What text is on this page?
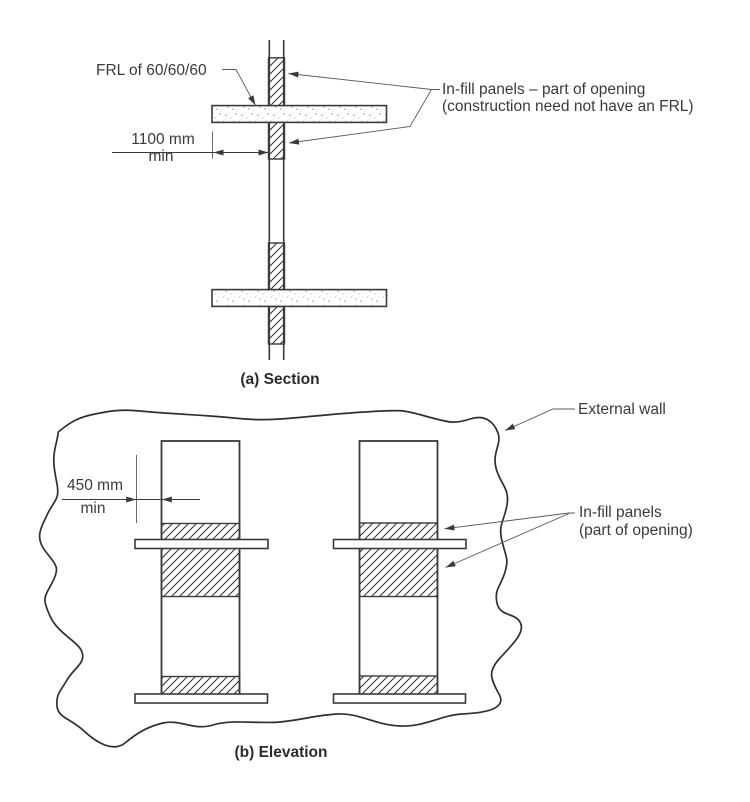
FRL of 60/60/60
1100 mm
min
In-fill panels – part of opening
(construction need not have an FRL)
(a) Section
External wall
450 mm
min	In-fill panels
(part of opening)
(b) Elevation
